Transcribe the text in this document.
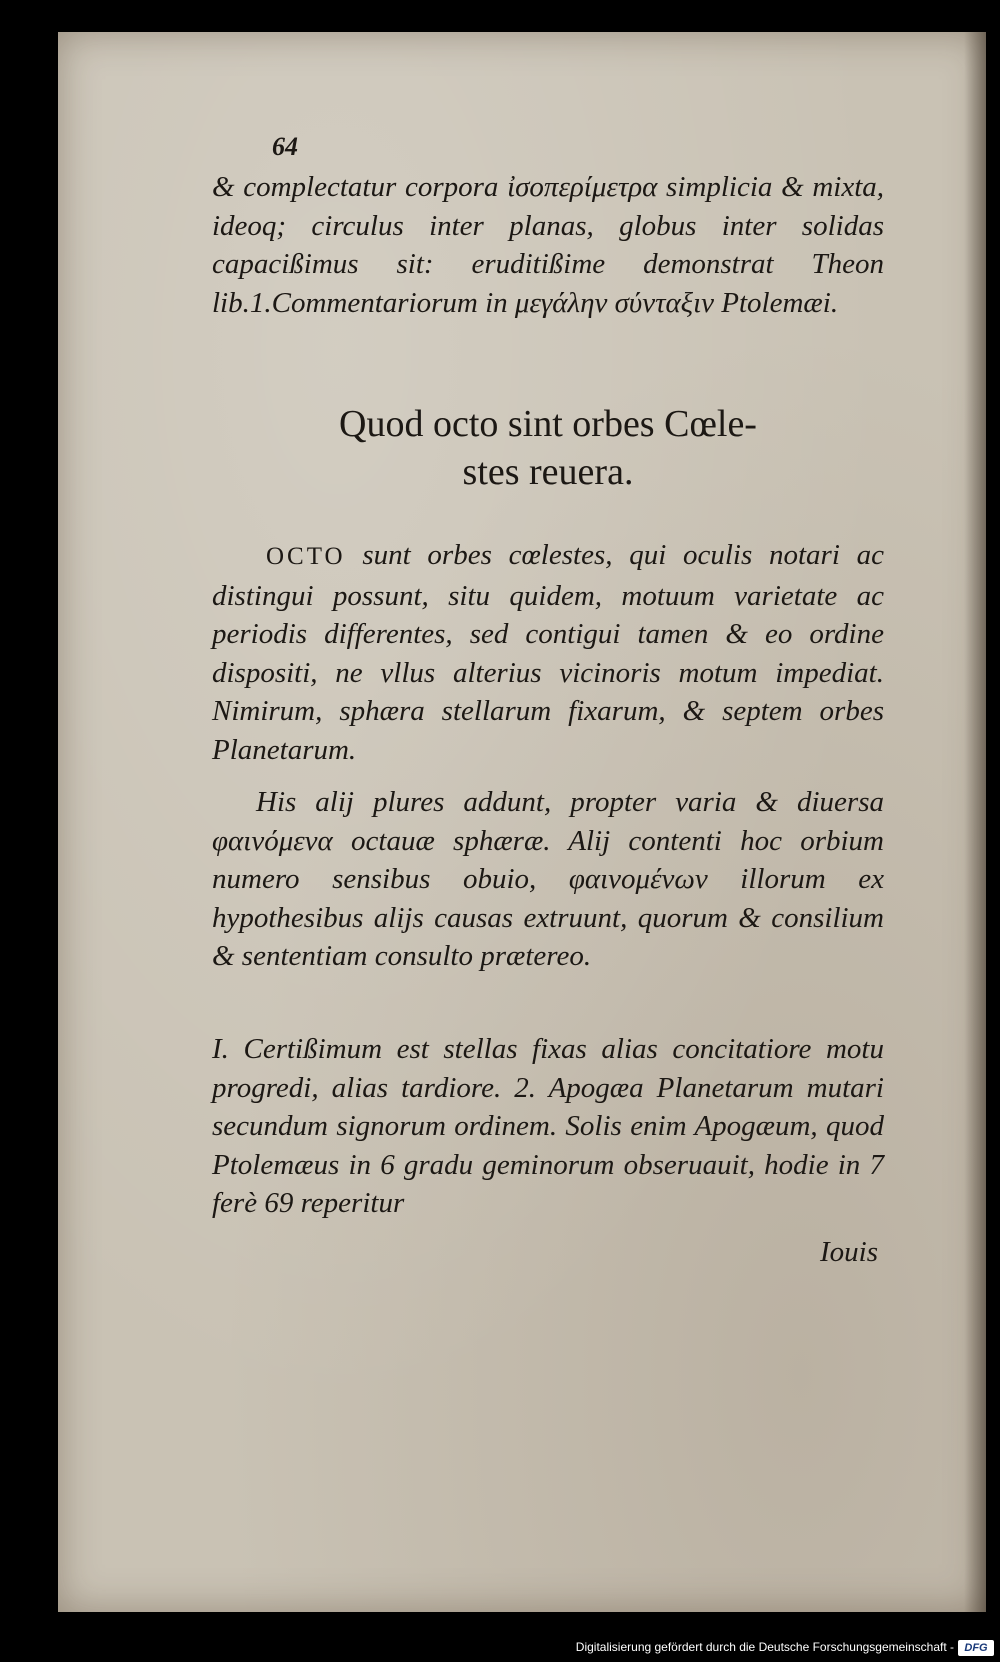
64

& complectatur corpora ἰσοπερίμετρα simplicia & mixta, ideoq; circulus inter planas, globus inter solidas capacißimus sit: eruditißime demonstrat Theon lib.1.Commentariorum in μεγάλην σύνταξιν Ptolemæi.

Quod octo sint orbes Cœle-
stes reuera.

OCTO sunt orbes cœlestes, qui oculis notari ac distingui possunt, situ quidem, motuum varietate ac periodis differentes, sed contigui tamen & eo ordine dispositi, ne vllus alterius vicinoris motum impediat. Nimirum, sphæra stellarum fixarum, & septem orbes Planetarum.

His alij plures addunt, propter varia & diuersa φαινόμενα octauæ sphæræ. Alij contenti hoc orbium numero sensibus obuio, φαινομένων illorum ex hypothesibus alijs causas extruunt, quorum & consilium & sententiam consulto prætereo.

I. Certißimum est stellas fixas alias concitatiore motu progredi, alias tardiore. 2. Apogæa Planetarum mutari secundum signorum ordinem. Solis enim Apogæum, quod Ptolemæus in 6 gradu geminorum obseruauit, hodie in 7 ferè 69 reperitur

Iouis
Digitalisierung gefördert durch die Deutsche Forschungsgemeinschaft - DFG
